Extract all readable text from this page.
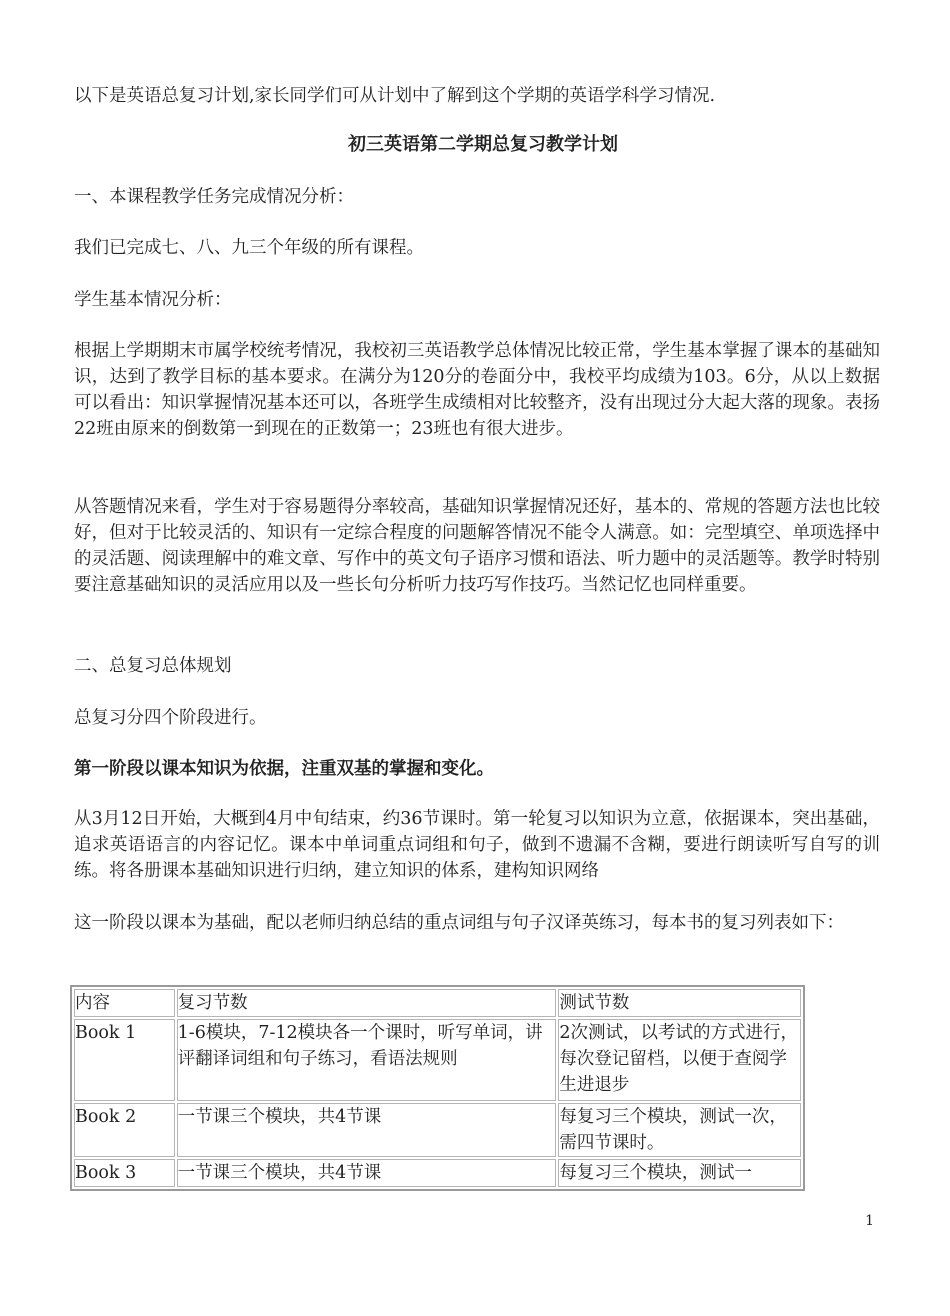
以下是英语总复习计划,家长同学们可从计划中了解到这个学期的英语学科学习情况.

初三英语第二学期总复习教学计划

一、本课程教学任务完成情况分析：

我们已完成七、八、九三个年级的所有课程。

学生基本情况分析：

根据上学期期末市属学校统考情况，我校初三英语教学总体情况比较正常，学生基本掌握了课本的基础知识，达到了教学目标的基本要求。在满分为120分的卷面分中，我校平均成绩为103。6分，从以上数据可以看出：知识掌握情况基本还可以，各班学生成绩相对比较整齐，没有出现过分大起大落的现象。表扬22班由原来的倒数第一到现在的正数第一；23班也有很大进步。

从答题情况来看，学生对于容易题得分率较高，基础知识掌握情况还好，基本的、常规的答题方法也比较好，但对于比较灵活的、知识有一定综合程度的问题解答情况不能令人满意。如：完型填空、单项选择中的灵活题、阅读理解中的难文章、写作中的英文句子语序习惯和语法、听力题中的灵活题等。教学时特别要注意基础知识的灵活应用以及一些长句分析听力技巧写作技巧。当然记忆也同样重要。

二、总复习总体规划

总复习分四个阶段进行。

第一阶段以课本知识为依据，注重双基的掌握和变化。

从3月12日开始，大概到4月中旬结束，约36节课时。第一轮复习以知识为立意，依据课本，突出基础，追求英语语言的内容记忆。课本中单词重点词组和句子，做到不遗漏不含糊，要进行朗读听写自写的训练。将各册课本基础知识进行归纳，建立知识的体系，建构知识网络

这一阶段以课本为基础，配以老师归纳总结的重点词组与句子汉译英练习，每本书的复习列表如下：

内容	复习节数	测试节数
Book 1	1-6模块，7-12模块各一个课时，听写单词，讲评翻译词组和句子练习，看语法规则	2次测试，以考试的方式进行，每次登记留档，以便于查阅学生进退步
Book 2	一节课三个模块，共4节课	每复习三个模块，测试一次，需四节课时。
Book 3	一节课三个模块，共4节课	每复习三个模块，测试一
1
